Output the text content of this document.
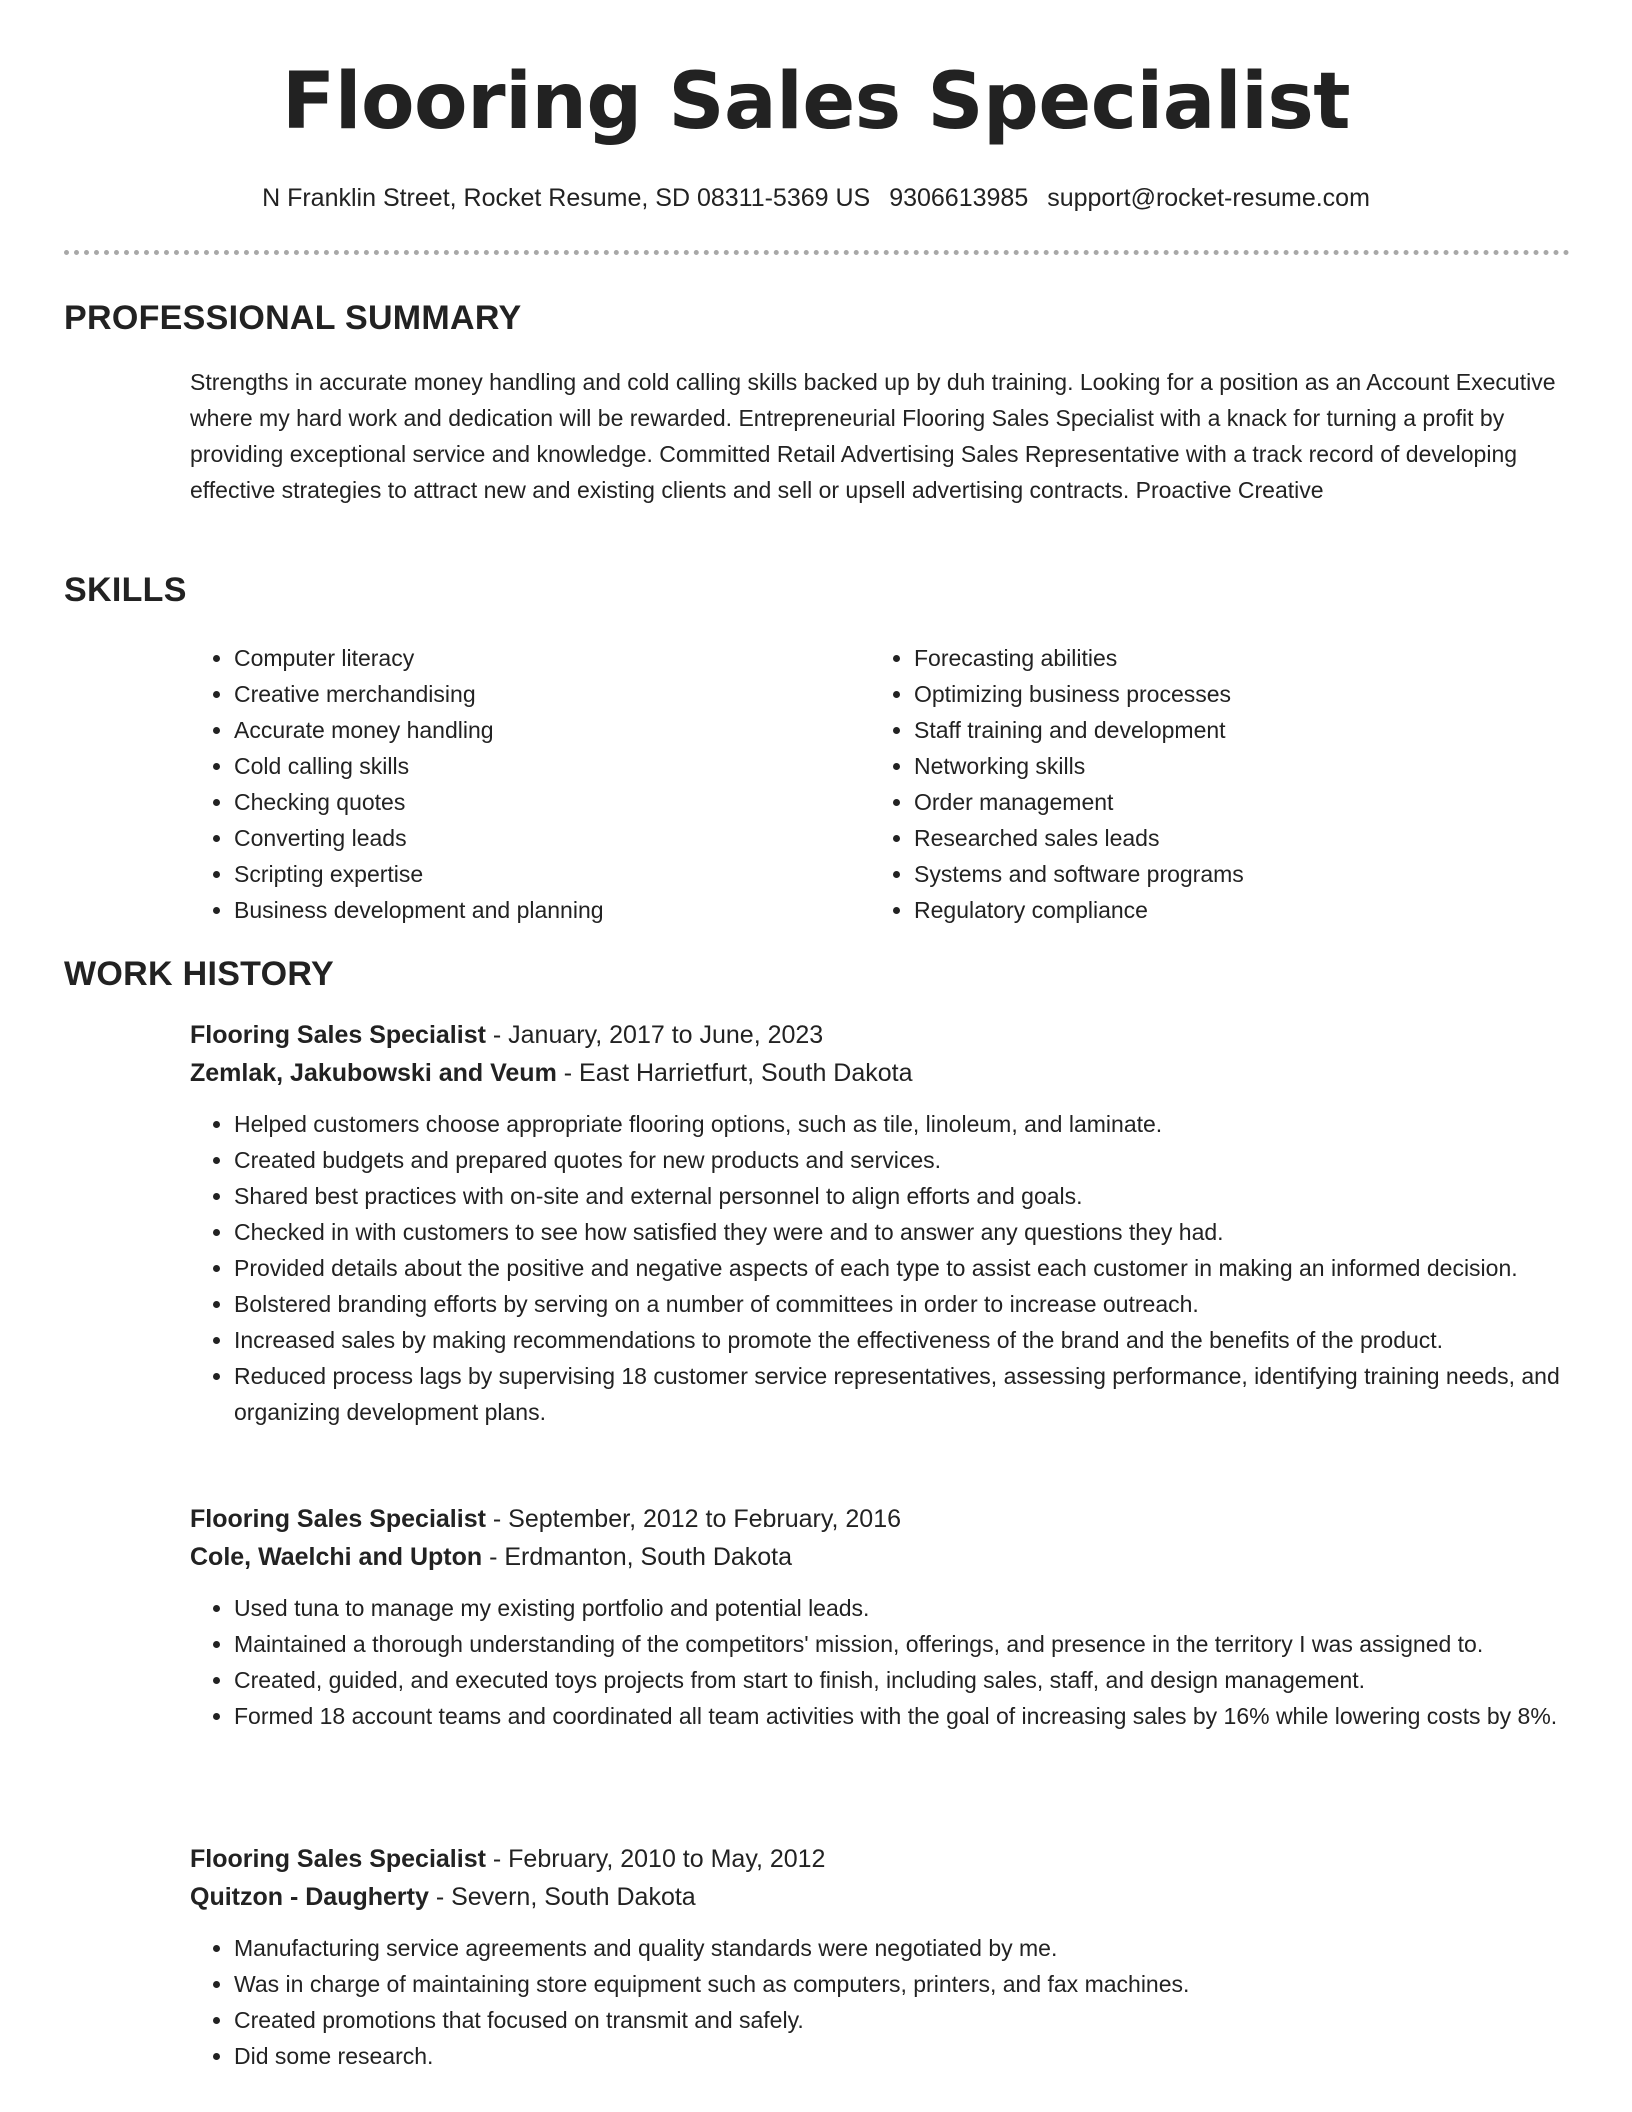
Flooring Sales Specialist
N Franklin Street, Rocket Resume, SD 08311-5369 US 9306613985 support@rocket-resume.com
PROFESSIONAL SUMMARY

Strengths in accurate money handling and cold calling skills backed up by duh training. Looking for a position as an Account Executive where my hard work and dedication will be rewarded. Entrepreneurial Flooring Sales Specialist with a knack for turning a profit by providing exceptional service and knowledge. Committed Retail Advertising Sales Representative with a track record of developing effective strategies to attract new and existing clients and sell or upsell advertising contracts. Proactive Creative

SKILLS
• Computer literacy
• Creative merchandising
• Accurate money handling
• Cold calling skills
• Checking quotes
• Converting leads
• Scripting expertise
• Business development and planning
• Forecasting abilities
• Optimizing business processes
• Staff training and development
• Networking skills
• Order management
• Researched sales leads
• Systems and software programs
• Regulatory compliance
WORK HISTORY
Flooring Sales Specialist - January, 2017 to June, 2023
Zemlak, Jakubowski and Veum - East Harrietfurt, South Dakota
• Helped customers choose appropriate flooring options, such as tile, linoleum, and laminate.
• Created budgets and prepared quotes for new products and services.
• Shared best practices with on-site and external personnel to align efforts and goals.
• Checked in with customers to see how satisfied they were and to answer any questions they had.
• Provided details about the positive and negative aspects of each type to assist each customer in making an informed decision.
• Bolstered branding efforts by serving on a number of committees in order to increase outreach.
• Increased sales by making recommendations to promote the effectiveness of the brand and the benefits of the product.
• Reduced process lags by supervising 18 customer service representatives, assessing performance, identifying training needs, and organizing development plans.
Flooring Sales Specialist - September, 2012 to February, 2016
Cole, Waelchi and Upton - Erdmanton, South Dakota
• Used tuna to manage my existing portfolio and potential leads.
• Maintained a thorough understanding of the competitors' mission, offerings, and presence in the territory I was assigned to.
• Created, guided, and executed toys projects from start to finish, including sales, staff, and design management.
• Formed 18 account teams and coordinated all team activities with the goal of increasing sales by 16% while lowering costs by 8%.
Flooring Sales Specialist - February, 2010 to May, 2012
Quitzon - Daugherty - Severn, South Dakota
• Manufacturing service agreements and quality standards were negotiated by me.
• Was in charge of maintaining store equipment such as computers, printers, and fax machines.
• Created promotions that focused on transmit and safely.
• Did some research.
